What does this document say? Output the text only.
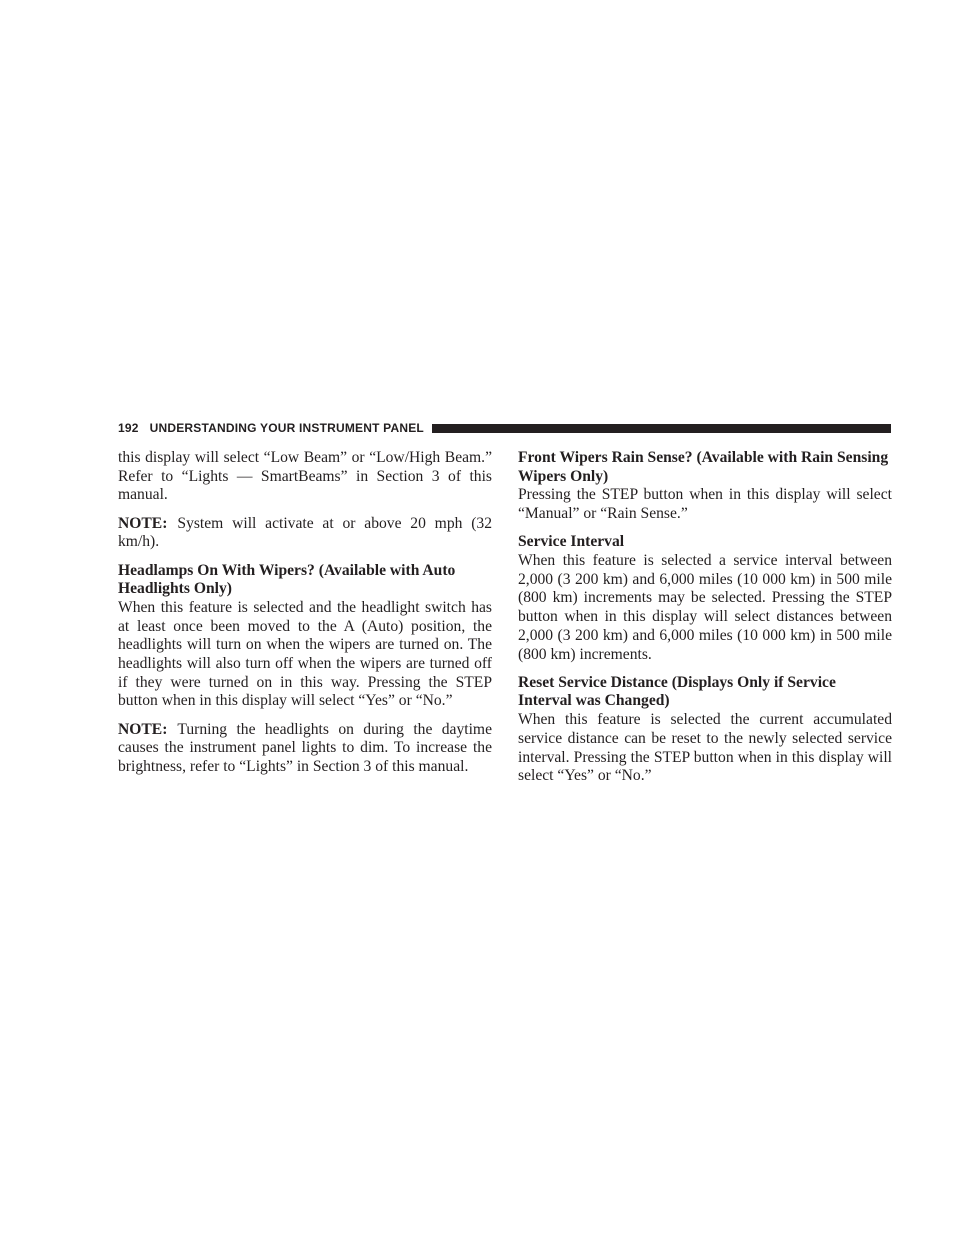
192 UNDERSTANDING YOUR INSTRUMENT PANEL

this display will select “Low Beam” or “Low/High Beam.” Refer to “Lights — SmartBeams” in Section 3 of this manual.

NOTE: System will activate at or above 20 mph (32 km/h).

Headlamps On With Wipers? (Available with Auto Headlights Only)

When this feature is selected and the headlight switch has at least once been moved to the A (Auto) position, the headlights will turn on when the wipers are turned on. The headlights will also turn off when the wipers are turned off if they were turned on in this way. Pressing the STEP button when in this display will select “Yes” or “No.”

NOTE: Turning the headlights on during the daytime causes the instrument panel lights to dim. To increase the brightness, refer to “Lights” in Section 3 of this manual.

Front Wipers Rain Sense? (Available with Rain Sensing Wipers Only)

Pressing the STEP button when in this display will select “Manual” or “Rain Sense.”

Service Interval

When this feature is selected a service interval between 2,000 (3 200 km) and 6,000 miles (10 000 km) in 500 mile (800 km) increments may be selected. Pressing the STEP button when in this display will select distances between 2,000 (3 200 km) and 6,000 miles (10 000 km) in 500 mile (800 km) increments.

Reset Service Distance (Displays Only if Service Interval was Changed)

When this feature is selected the current accumulated service distance can be reset to the newly selected service interval. Pressing the STEP button when in this display will select “Yes” or “No.”
